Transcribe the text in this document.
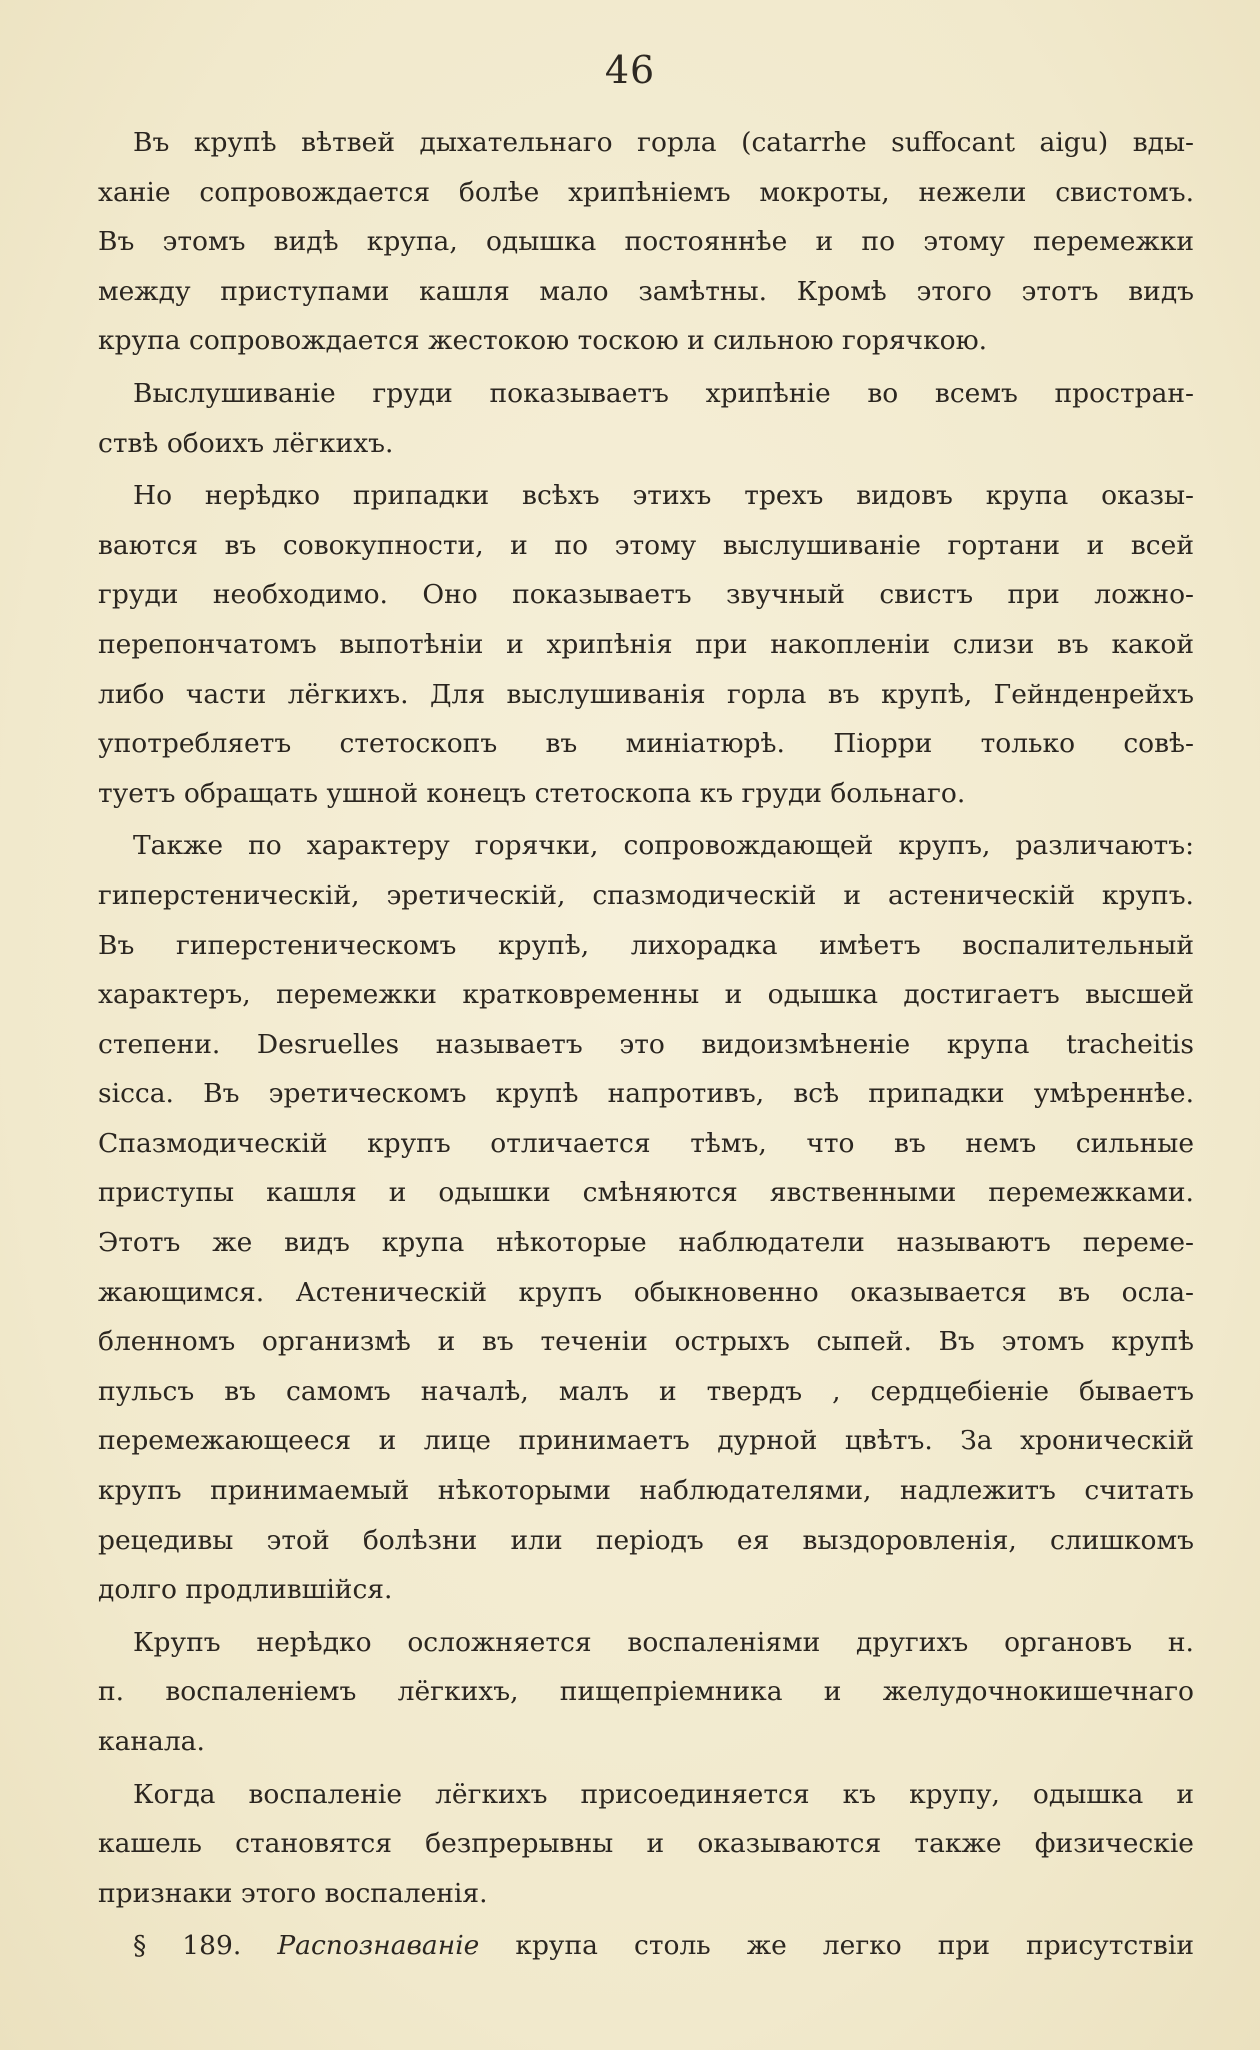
46
Въ крупѣ вѣтвей дыхательнаго горла (catarrhe suffocant aigu) вды-
ханіе сопровождается болѣе хрипѣніемъ мокроты, нежели свистомъ.
Въ этомъ видѣ крупа, одышка постояннѣе и по этому перемежки
между приступами кашля мало замѣтны. Кромѣ этого этотъ видъ
крупа сопровождается жестокою тоскою и сильною горячкою.
Выслушиваніе груди показываетъ хрипѣніе во всемъ простран-
ствѣ обоихъ лёгкихъ.
Но нерѣдко припадки всѣхъ этихъ трехъ видовъ крупа оказы-
ваются въ совокупности, и по этому выслушиваніе гортани и всей
груди необходимо. Оно показываетъ звучный свистъ при ложно-
перепончатомъ выпотѣніи и хрипѣнія при накопленіи слизи въ какой
либо части лёгкихъ. Для выслушиванія горла въ крупѣ, Гейнденрейхъ
употребляетъ стетоскопъ въ миніатюрѣ. Піорри только совѣ-
туетъ обращать ушной конецъ стетоскопа къ груди больнаго.
Также по характеру горячки, сопровождающей крупъ, различаютъ:
гиперстеническій, эретическій, спазмодическій и астеническій крупъ.
Въ гиперстеническомъ крупѣ, лихорадка имѣетъ воспалительный
характеръ, перемежки кратковременны и одышка достигаетъ высшей
степени. Desruelles называетъ это видоизмѣненіе крупа tracheitis
sicca. Въ эретическомъ крупѣ напротивъ, всѣ припадки умѣреннѣе.
Спазмодическій крупъ отличается тѣмъ, что въ немъ сильные
приступы кашля и одышки смѣняются явственными перемежками.
Этотъ же видъ крупа нѣкоторые наблюдатели называютъ переме-
жающимся. Астеническій крупъ обыкновенно оказывается въ осла-
бленномъ организмѣ и въ теченіи острыхъ сыпей. Въ этомъ крупѣ
пульсъ въ самомъ началѣ, малъ и твердъ , сердцебіеніе бываетъ
перемежающееся и лице принимаетъ дурной цвѣтъ. За хроническій
крупъ принимаемый нѣкоторыми наблюдателями, надлежитъ считать
рецедивы этой болѣзни или періодъ ея выздоровленія, слишкомъ
долго продлившійся.
Крупъ нерѣдко осложняется воспаленіями другихъ органовъ н.
п. воспаленіемъ лёгкихъ, пищепріемника и желудочнокишечнаго
канала.
Когда воспаленіе лёгкихъ присоединяется къ крупу, одышка и
кашель становятся безпрерывны и оказываются также физическіе
признаки этого воспаленія.
§ 189. Распознаваніе крупа столь же легко при присутствіи
